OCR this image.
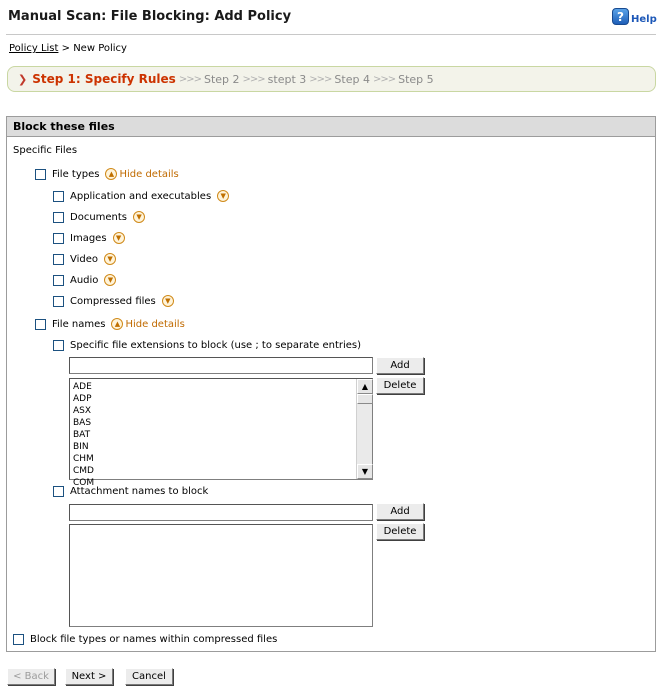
Manual Scan: File Blocking: Add Policy	? Help
Policy List > New Policy
❯ Step 1: Specify Rules >>> Step 2 >>> stept 3 >>> Step 4 >>> Step 5
Block these files
Specific Files
File types	▲ Hide details
Application and executables	▼
Documents	▼
Images	▼
Video	▼
Audio	▼
Compressed files	▼
File names	▲ Hide details
Specific file extensions to block (use ; to separate entries)
Add
Delete
ADE
ADP
ASX
BAS
BAT
BIN
CHM
CMD
COM
▲
▼
Attachment names to block
Add
Delete
Block file types or names within compressed files
< Back	Next >	Cancel
